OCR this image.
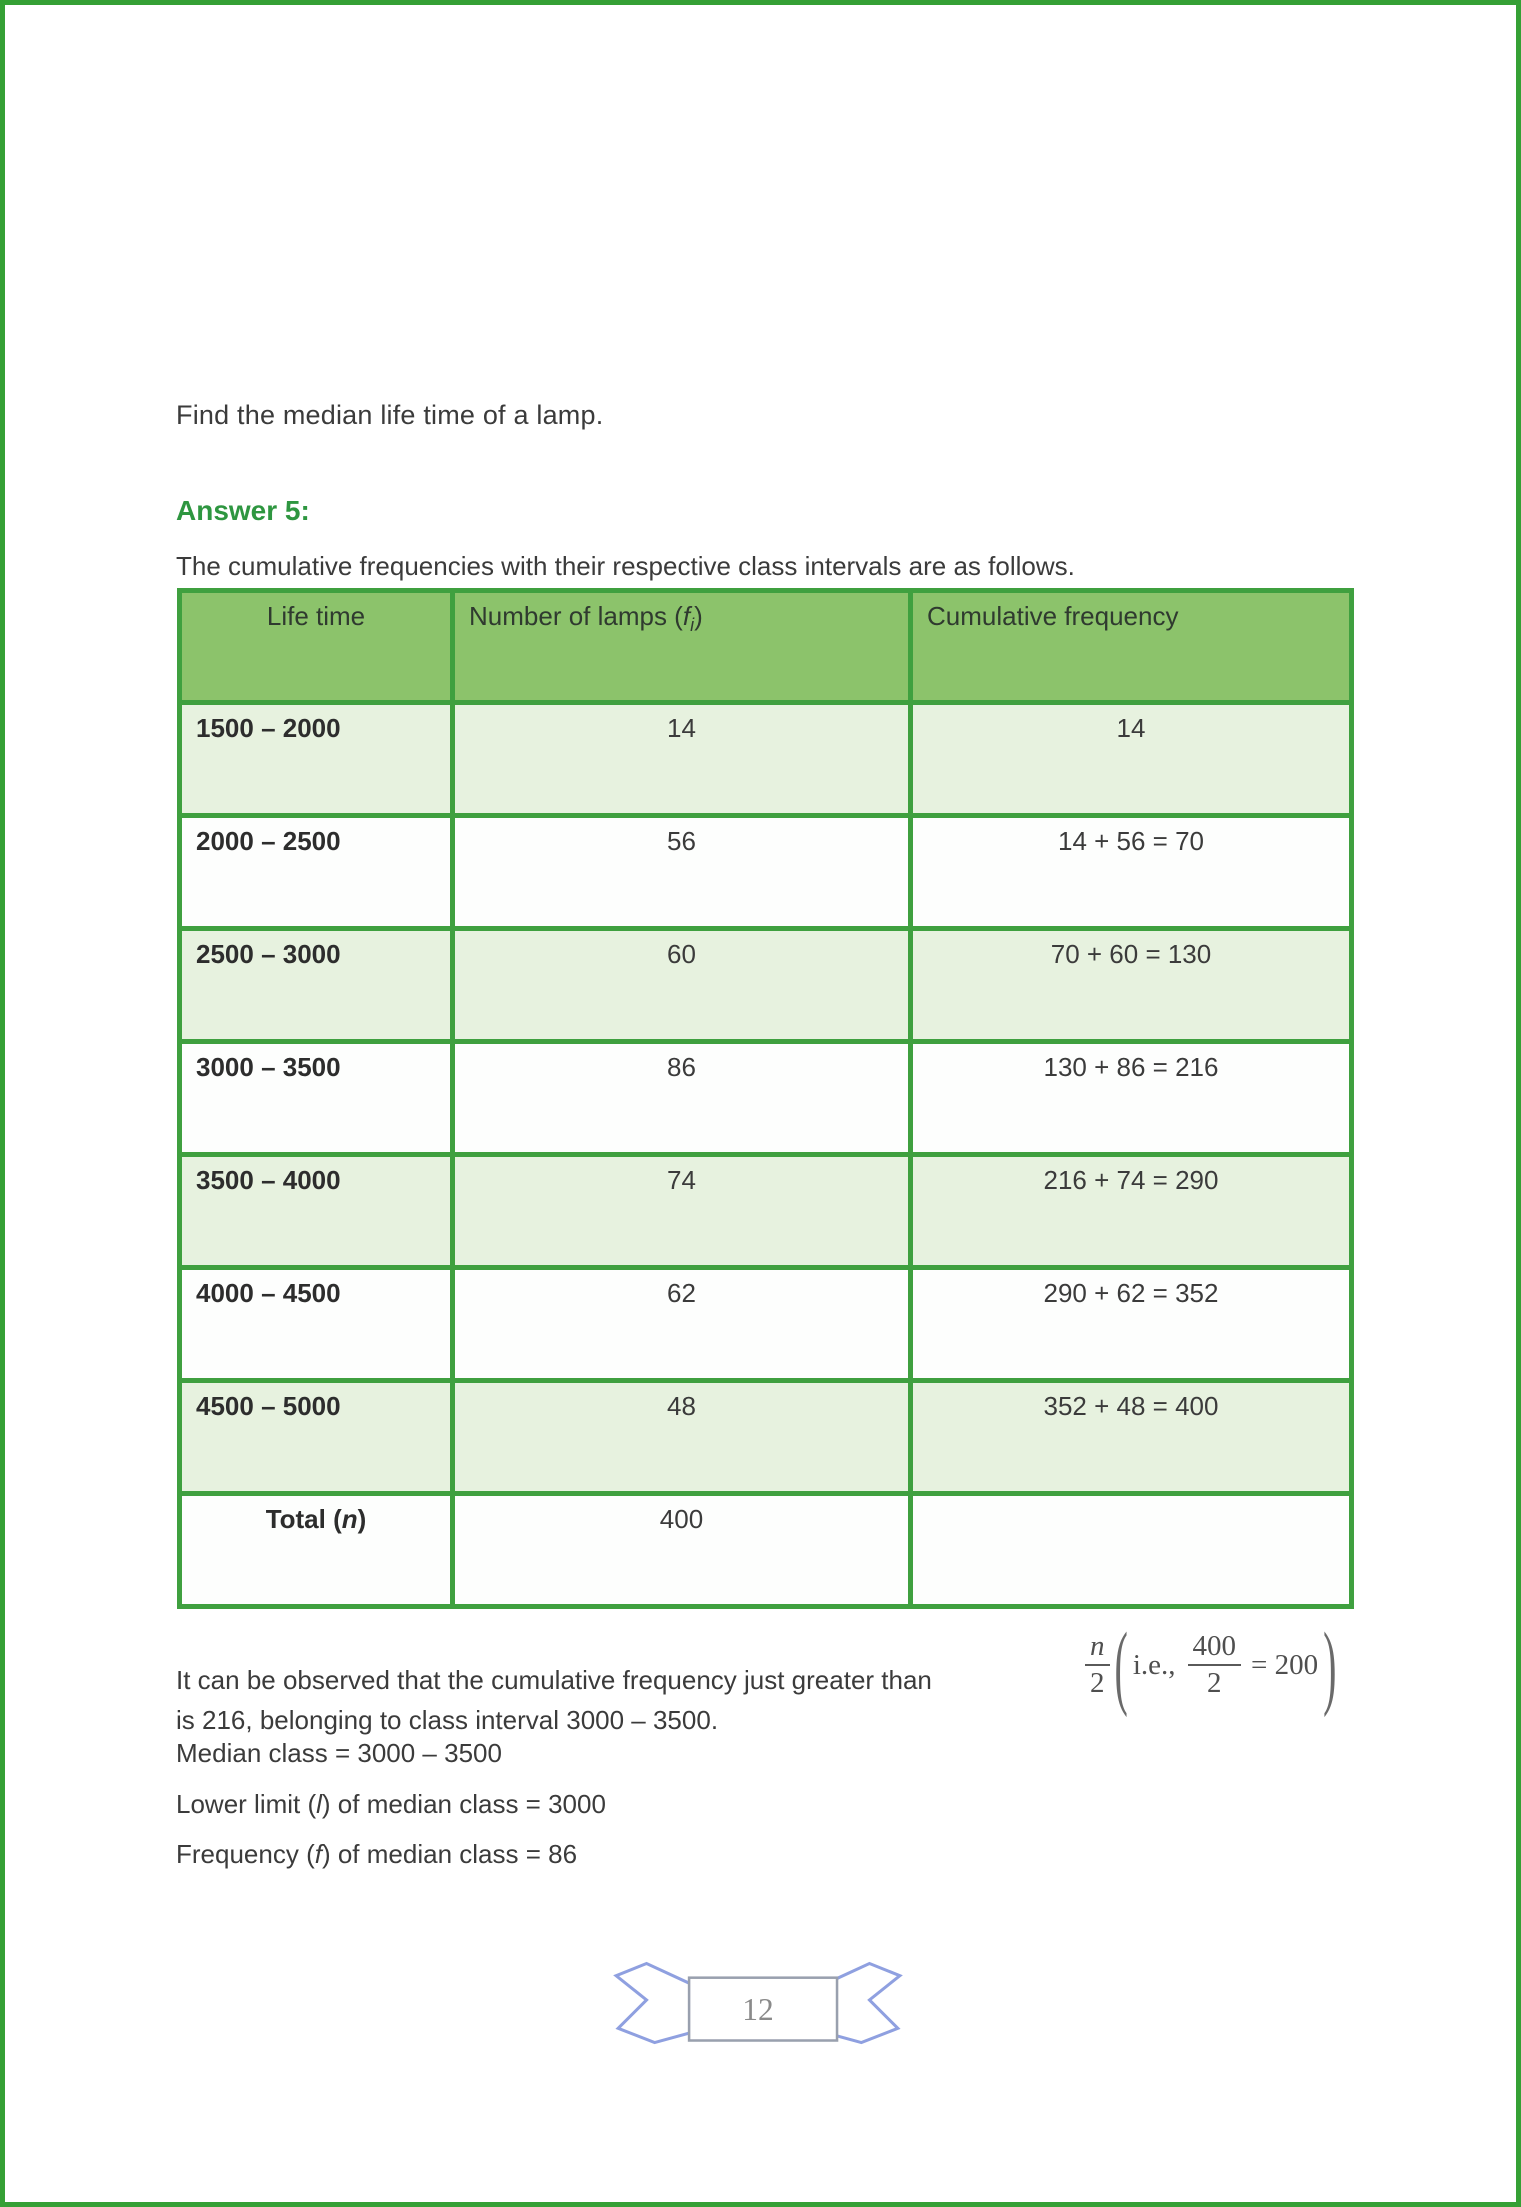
Find the median life time of a lamp.
Answer 5:
The cumulative frequencies with their respective class intervals are as follows.
Life time	Number of lamps $(f_i)$	Cumulative frequency
1500 – 2000	14	14
2000 – 2500	56	14 + 56 = 70
2500 – 3000	60	70 + 60 = 130
3000 – 3500	86	130 + 86 = 216
3500 – 4000	74	216 + 74 = 290
4000 – 4500	62	290 + 62 = 352
4500 – 5000	48	352 + 48 = 400
Total (n)	400	
It can be observed that the cumulative frequency just greater than
is 216, belonging to class interval 3000 – 3500.
$\frac{n}{2}$ ( i.e., $\frac{400}{2} = 200$ )
Median class = 3000 – 3500
Lower limit (l) of median class = 3000
Frequency (f) of median class = 86
12
